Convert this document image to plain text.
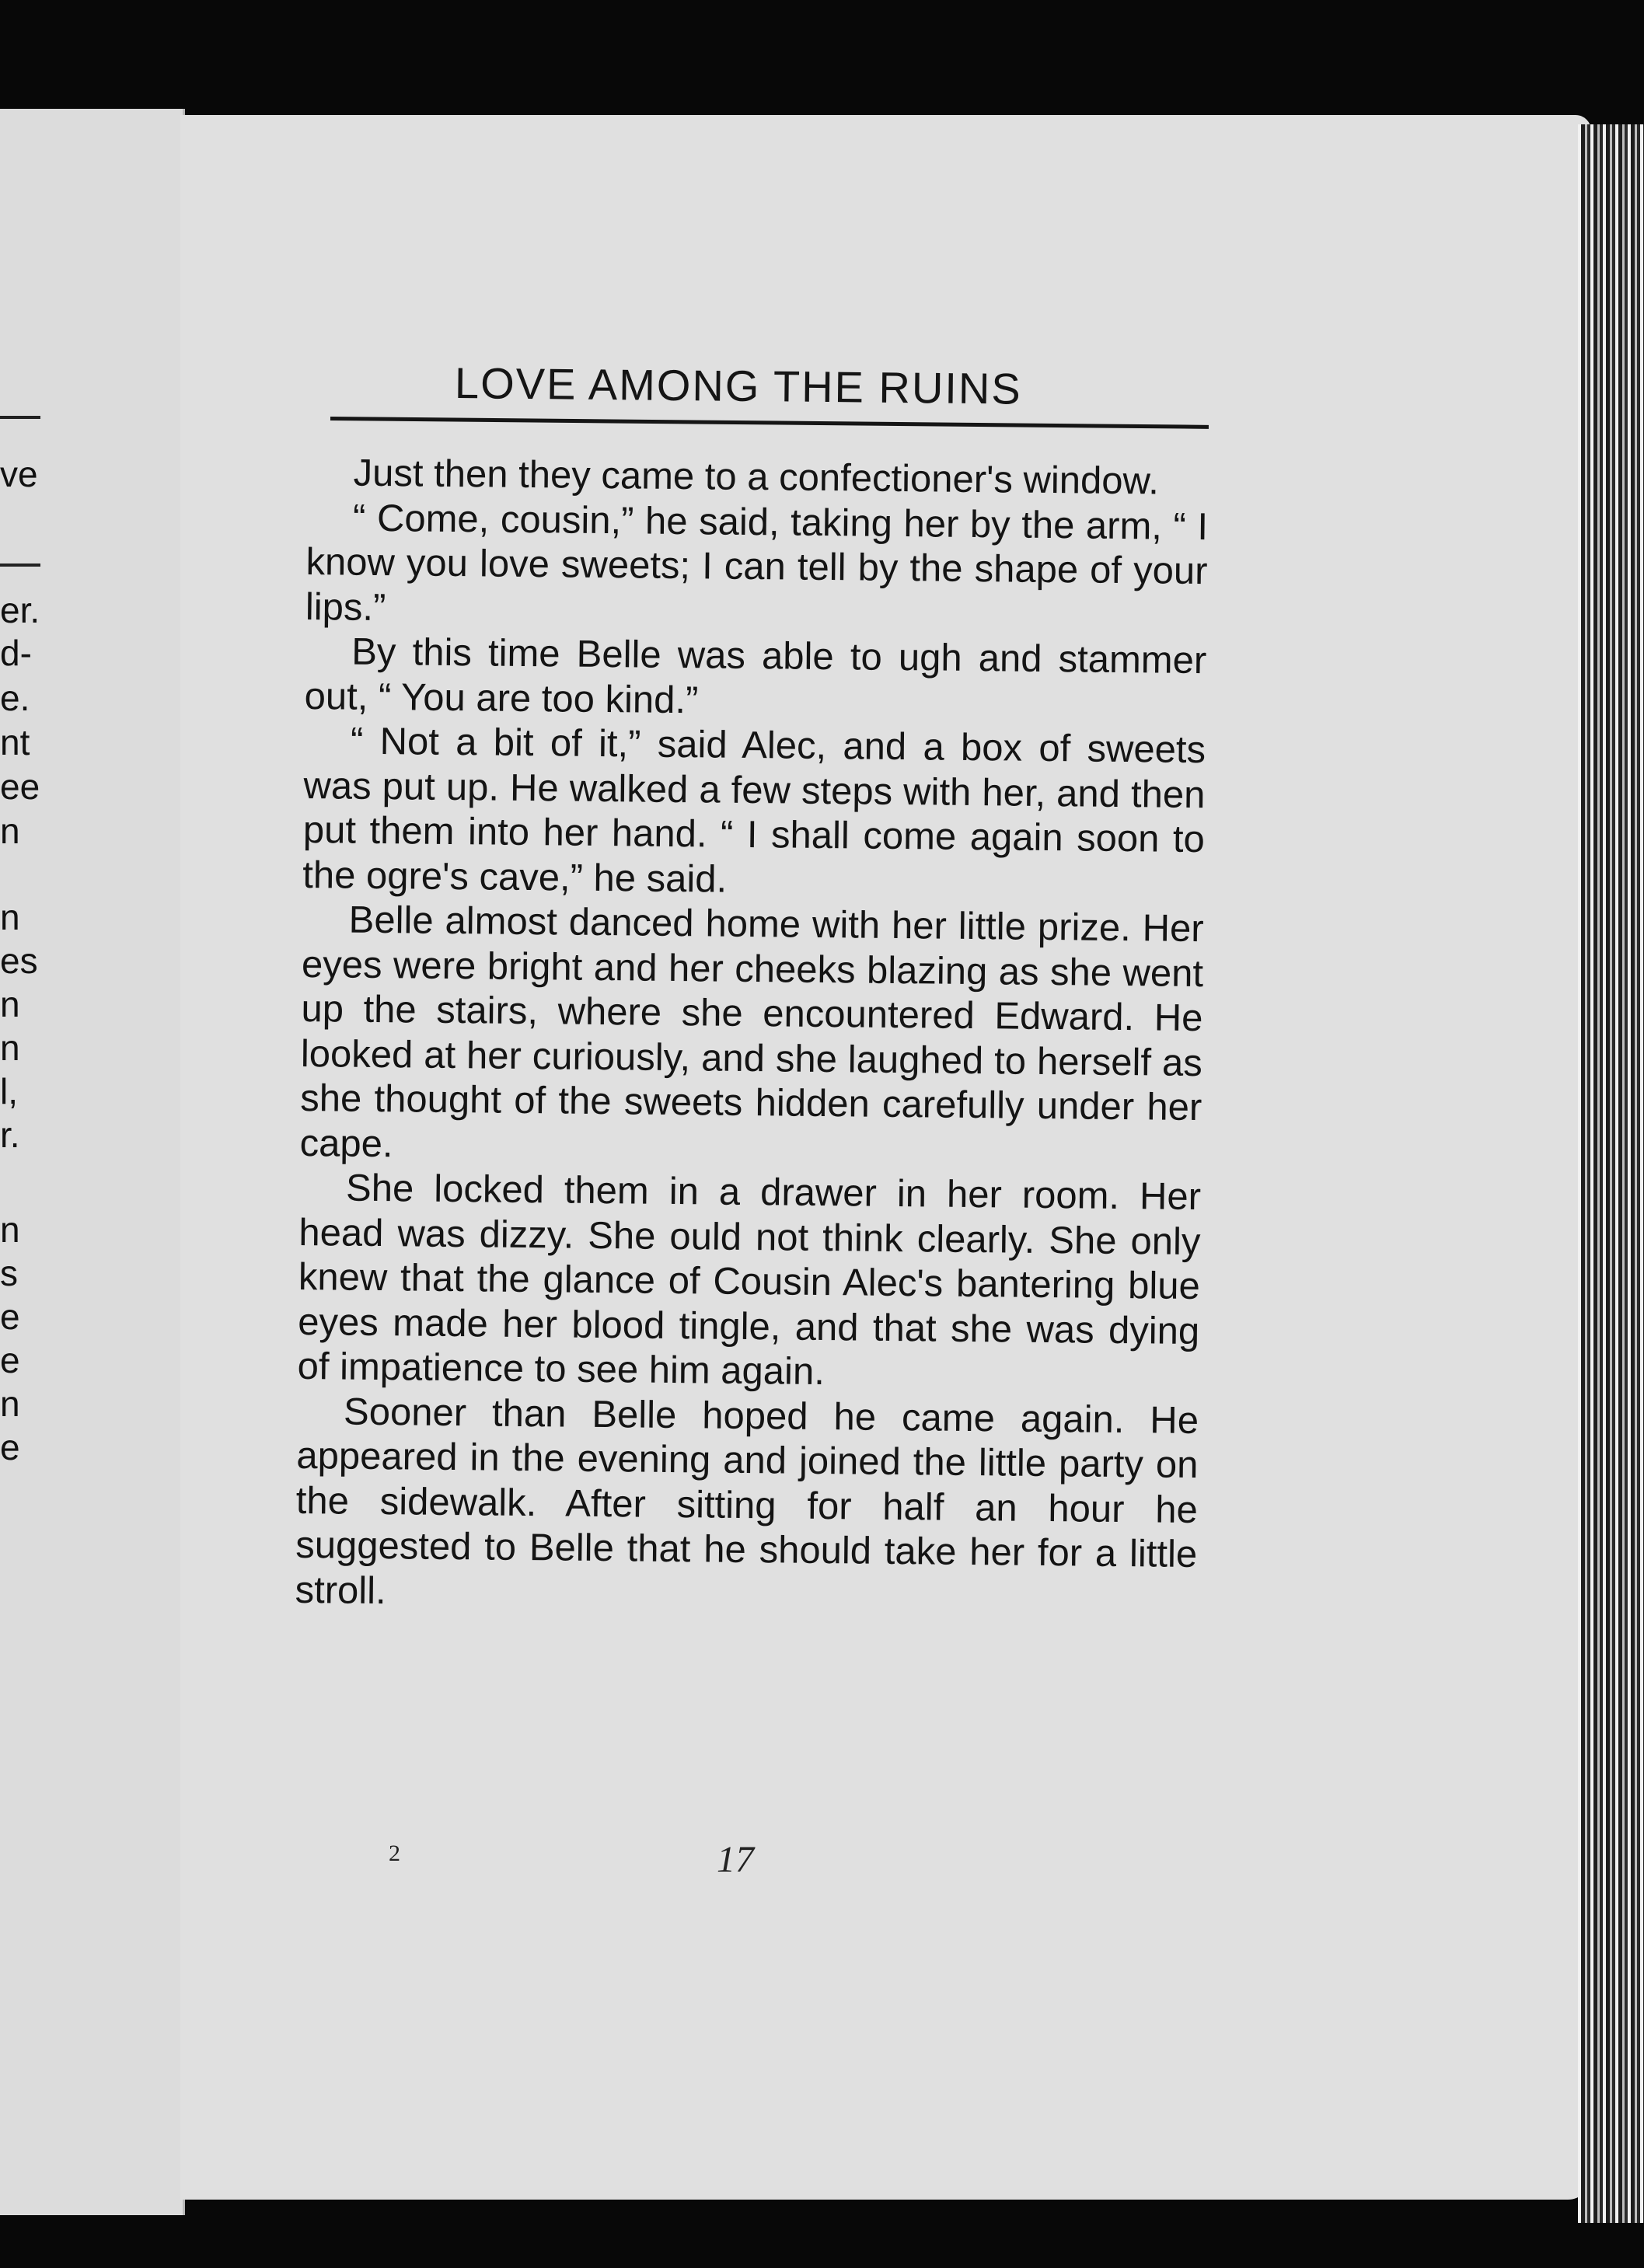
ve
er.
d-
e.
nt
ee
n
n
es
n
n
l,
r.
n
s
e
e
n
e
LOVE AMONG THE RUINS

Just then they came to a confectioner's window.

“ Come, cousin,” he said, taking her by the arm, “ I know you love sweets; I can tell by the shape of your lips.”

By this time Belle was able to ugh and stammer out, “ You are too kind.”

“ Not a bit of it,” said Alec, and a box of sweets was put up. He walked a few steps with her, and then put them into her hand. “ I shall come again soon to the ogre's cave,” he said.

Belle almost danced home with her little prize. Her eyes were bright and her cheeks blazing as she went up the stairs, where she encountered Edward. He looked at her curiously, and she laughed to herself as she thought of the sweets hidden carefully under her cape.

She locked them in a drawer in her room. Her head was dizzy. She ould not think clearly. She only knew that the glance of Cousin Alec's bantering blue eyes made her blood tingle, and that she was dying of impatience to see him again.

Sooner than Belle hoped he came again. He appeared in the evening and joined the little party on the sidewalk. After sitting for half an hour he suggested to Belle that he should take her for a little stroll.

2	17
